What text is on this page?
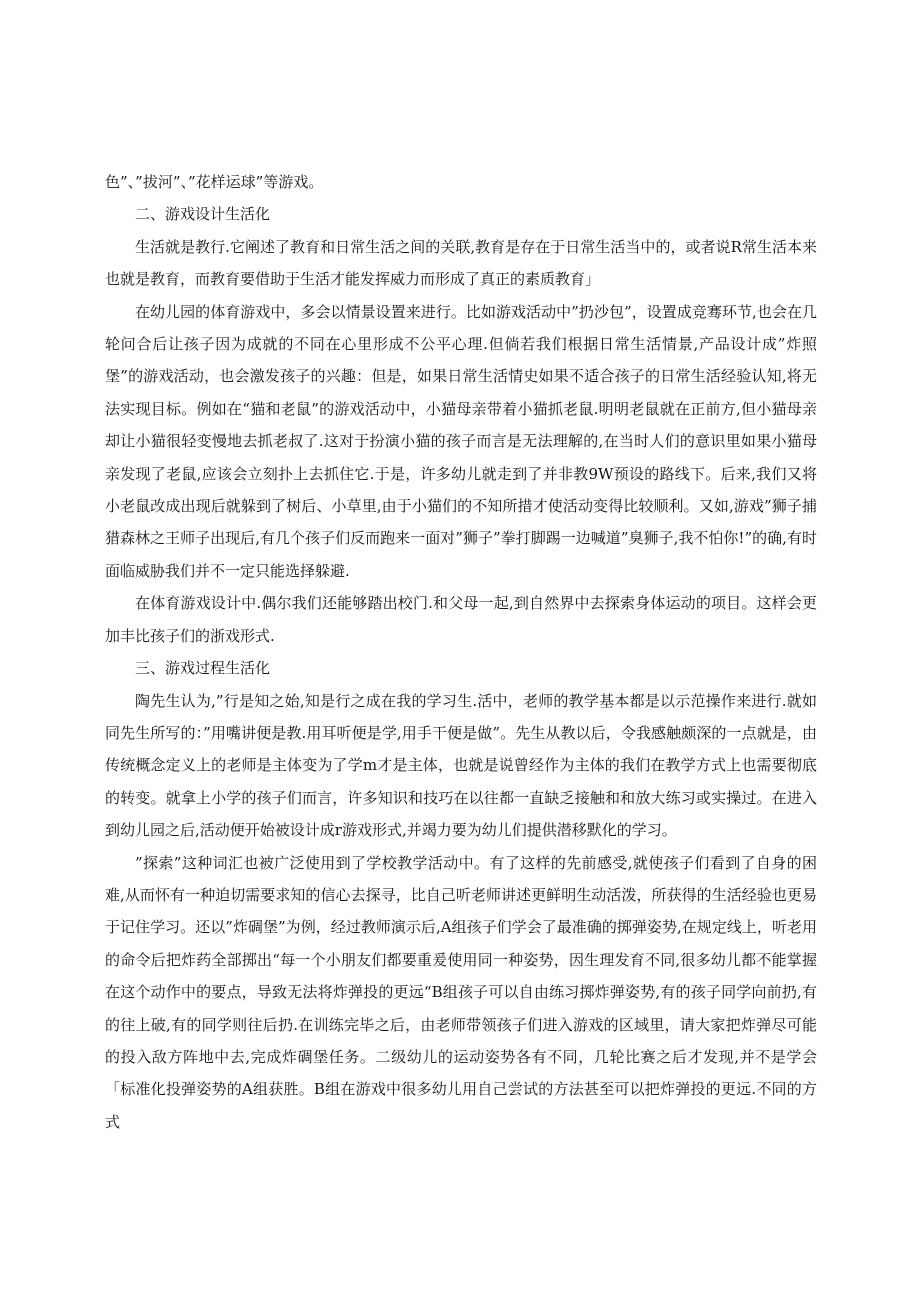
色”、”拔河”、”花样运球”等游戏。

二、游戏设计生活化

生活就是教行.它阐述了教育和日常生活之间的关联,教育是存在于日常生活当中的，或者说R常生活本来也就是教育，而教育要借助于生活才能发挥威力而形成了真正的素质教育」

在幼儿园的体育游戏中，多会以情景设置来进行。比如游戏活动中”扔沙包”，设置成竞骞环节,也会在几轮问合后让孩子因为成就的不同在心里形成不公平心理.但倘若我们根据日常生活情景,产品设计成”炸照堡”的游戏活动，也会激发孩子的兴趣：但是，如果日常生活情史如果不适合孩子的日常生活经验认知,将无法实现目标。例如在“猫和老鼠”的游戏活动中，小猫母亲带着小猫抓老鼠.明明老鼠就在正前方,但小猫母亲却让小猫很轻变慢地去抓老叔了.这对于扮演小猫的孩子而言是无法理解的,在当时人们的意识里如果小猫母亲发现了老鼠,应该会立刻扑上去抓住它.于是，许多幼儿就走到了并非教9W预设的路线下。后来,我们又将小老鼠改成出现后就躲到了树后、小草里,由于小猫们的不知所措才使活动变得比较顺利。又如,游戏”狮子捕猎森林之王师子出现后,有几个孩子们反而跑来一面对”狮子”拳打脚踢一边喊道”臭狮子,我不怕你!”的确,有时面临威胁我们并不一定只能选择躲避.

在体育游戏设计中.偶尔我们还能够踏出校门.和父母一起,到自然界中去探索身体运动的项目。这样会更加丰比孩子们的浙戏形式.

三、游戏过程生活化

陶先生认为,”行是知之始,知是行之成在我的学习生.活中，老师的教学基本都是以示范操作来进行.就如同先生所写的：”用嘴讲便是教.用耳听便是学,用手干便是做”。先生从教以后，令我感触颇深的一点就是，由传统概念定义上的老师是主体变为了学m才是主体，也就是说曾经作为主体的我们在教学方式上也需要彻底的转变。就拿上小学的孩子们而言，许多知识和技巧在以往都一直缺乏接触和和放大练习或实操过。在进入到幼儿园之后,活动便开始被设计成r游戏形式,并竭力要为幼儿们提供潜移默化的学习。

”探索”这种词汇也被广泛使用到了学校教学活动中。有了这样的先前感受,就使孩子们看到了自身的困难,从而怀有一种迫切需要求知的信心去探寻，比自己听老师讲述更鲜明生动活泼，所获得的生活经验也更易于记住学习。还以”炸碉堡”为例，经过教师演示后,A组孩子们学会了最准确的掷弹姿势,在规定线上，听老用的命令后把炸药全部掷出“每一个小朋友们都要重爰使用同一种姿势，因生理发育不同,很多幼儿都不能掌握在这个动作中的要点，导致无法将炸弹投的更远“B组孩子可以自由练习掷炸弹姿势,有的孩子同学向前扔,有的往上破,有的同学则往后扔.在训练完毕之后，由老师带领孩子们进入游戏的区域里，请大家把炸弹尽可能的投入敌方阵地中去,完成炸碉堡任务。二级幼儿的运动姿势各有不同，几轮比赛之后才发现,并不是学会「标准化投弹姿势的A组获胜。B组在游戏中很多幼儿用自己尝试的方法甚至可以把炸弹投的更远.不同的方式
